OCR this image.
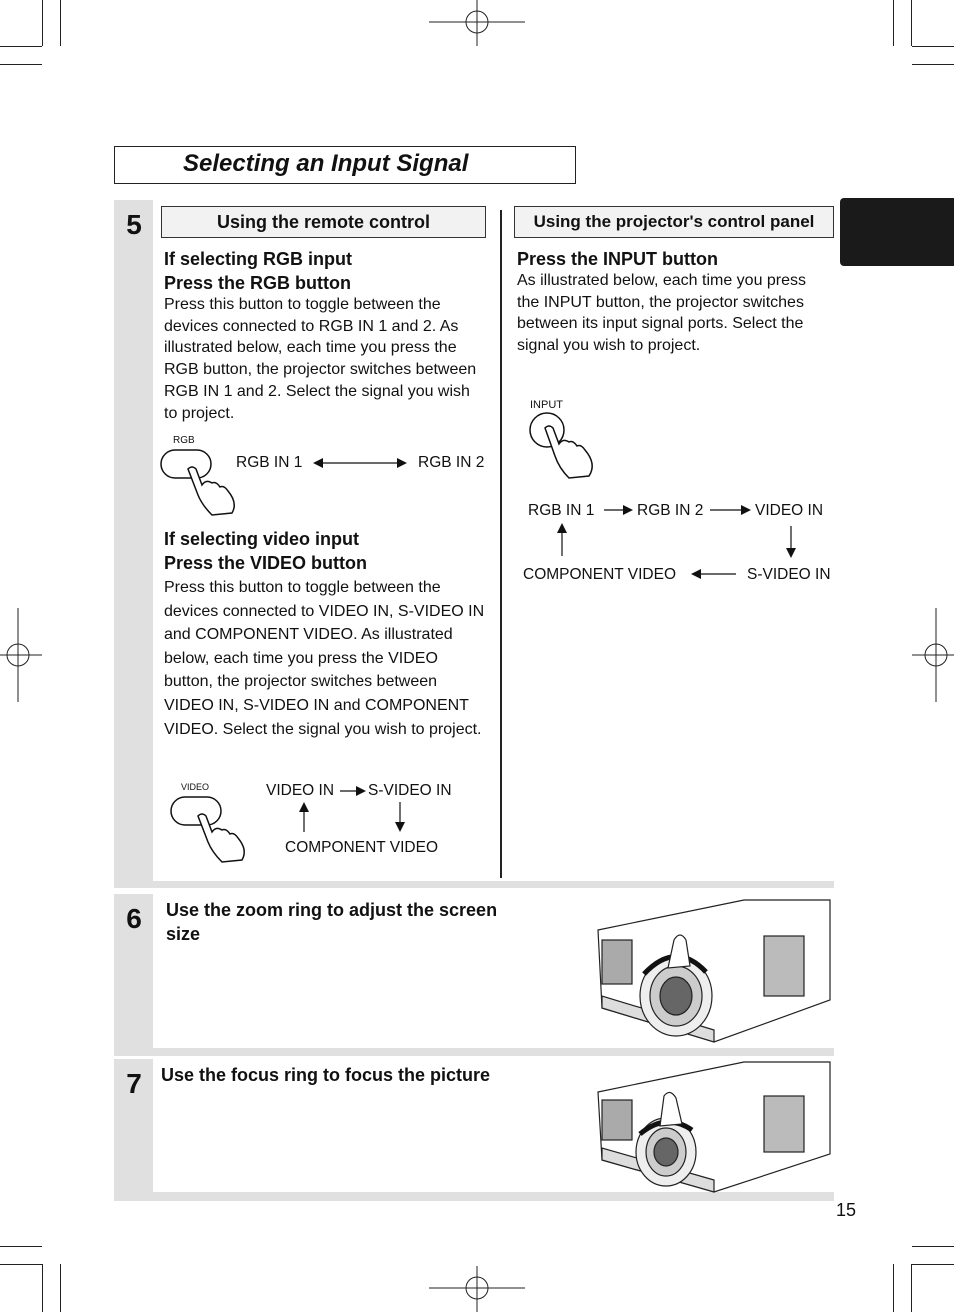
Selecting an Input Signal
5	Using the remote control
If selecting RGB input
Press the RGB button
Press this button to toggle between the devices connected to RGB IN 1 and 2. As illustrated below, each time you press the RGB button, the projector switches between RGB IN 1 and 2. Select the signal you wish to project.
RGB
RGB IN 1	RGB IN 2
If selecting video input
Press the VIDEO button
Press this button to toggle between the devices connected to VIDEO IN, S-VIDEO IN and COMPONENT VIDEO. As illustrated below, each time you press the VIDEO button, the projector switches between VIDEO IN, S-VIDEO IN and COMPONENT VIDEO. Select the signal you wish to project.
VIDEO	VIDEO IN S-VIDEO IN
COMPONENT VIDEO
Using the projector's control panel
Press the INPUT button
As illustrated below, each time you press the INPUT button, the projector switches between its input signal ports. Select the signal you wish to project.
INPUT
RGB IN 1	RGB IN 2	VIDEO IN
COMPONENT VIDEO	S-VIDEO IN
6	Use the zoom ring to adjust the screen size
7	Use the focus ring to focus the picture
15
